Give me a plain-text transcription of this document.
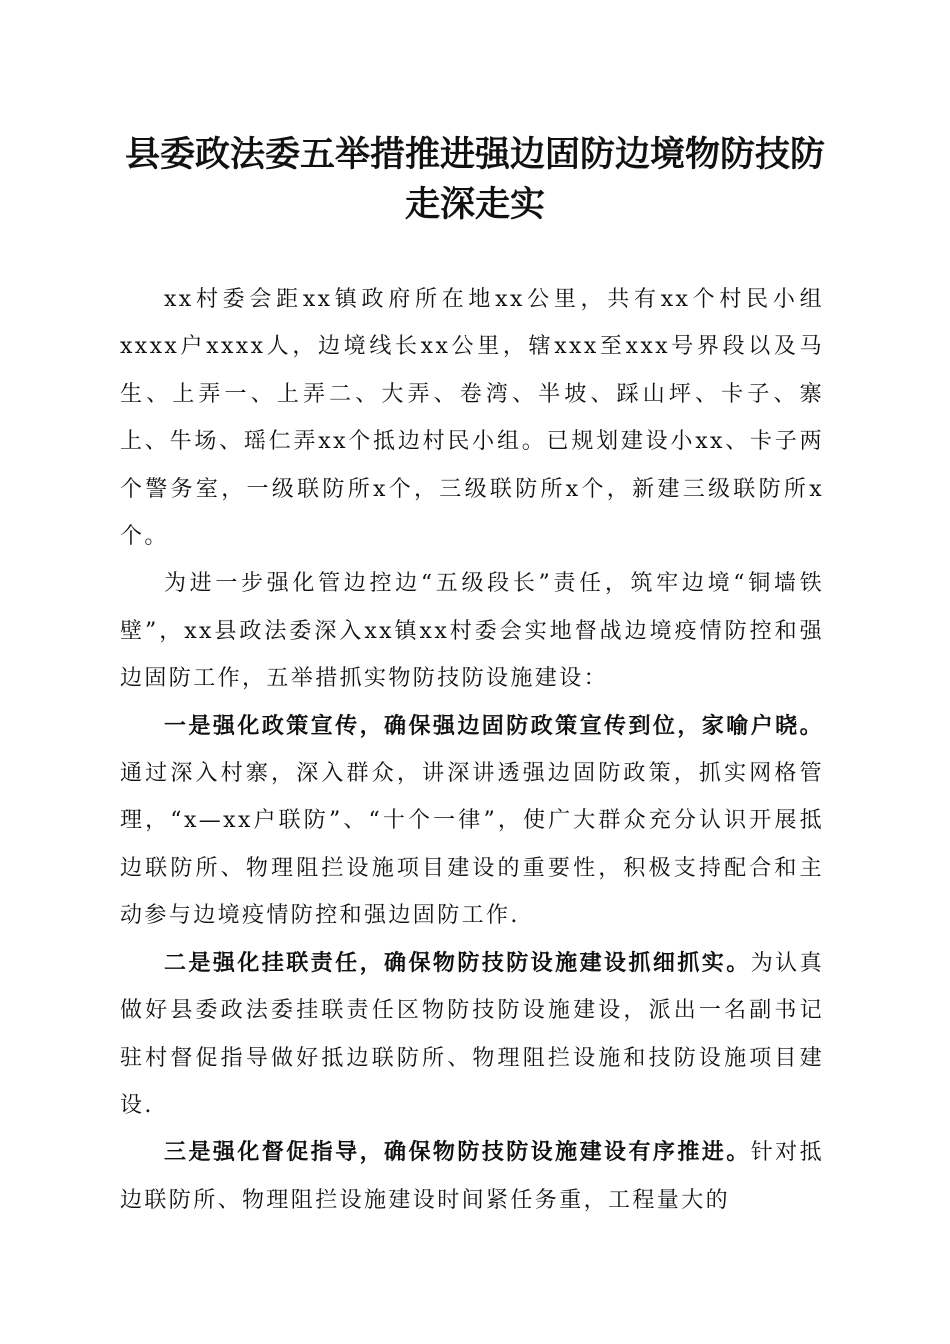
县委政法委五举措推进强边固防边境物防技防
走深走实

xx村委会距xx镇政府所在地xx公里，共有xx个村民小组xxxx户xxxx人，边境线长xx公里，辖xxx至xxx号界段以及马生、上弄一、上弄二、大弄、卷湾、半坡、踩山坪、卡子、寨上、牛场、瑶仁弄xx个抵边村民小组。已规划建设小xx、卡子两个警务室，一级联防所x个，三级联防所x个，新建三级联防所x个。

为进一步强化管边控边“五级段长”责任，筑牢边境“铜墙铁壁”，xx县政法委深入xx镇xx村委会实地督战边境疫情防控和强边固防工作，五举措抓实物防技防设施建设：

一是强化政策宣传，确保强边固防政策宣传到位，家喻户晓。通过深入村寨，深入群众，讲深讲透强边固防政策，抓实网格管理，“x—xx户联防”、“十个一律”，使广大群众充分认识开展抵边联防所、物理阻拦设施项目建设的重要性，积极支持配合和主动参与边境疫情防控和强边固防工作.

二是强化挂联责任，确保物防技防设施建设抓细抓实。为认真做好县委政法委挂联责任区物防技防设施建设，派出一名副书记驻村督促指导做好抵边联防所、物理阻拦设施和技防设施项目建设.

三是强化督促指导，确保物防技防设施建设有序推进。针对抵边联防所、物理阻拦设施建设时间紧任务重，工程量大的
